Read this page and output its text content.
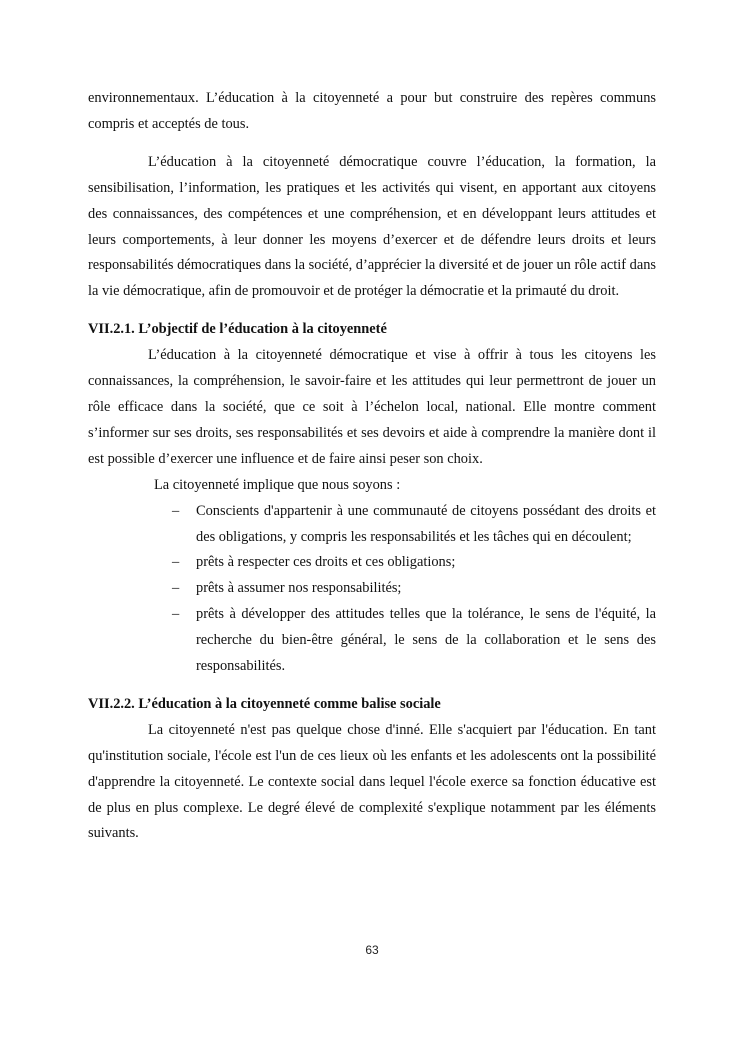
environnementaux. L’éducation à la citoyenneté a pour but construire des repères communs compris et acceptés de tous.

L’éducation à la citoyenneté démocratique couvre l’éducation, la formation, la sensibilisation, l’information, les pratiques et les activités qui visent, en apportant aux citoyens des connaissances, des compétences et une compréhension, et en développant leurs attitudes et leurs comportements, à leur donner les moyens d’exercer et de défendre leurs droits et leurs responsabilités démocratiques dans la société, d’apprécier la diversité et de jouer un rôle actif dans la vie démocratique, afin de promouvoir et de protéger la démocratie et la primauté du droit.

VII.2.1. L’objectif de l’éducation à la citoyenneté

L’éducation à la citoyenneté démocratique et vise à offrir à tous les citoyens les connaissances, la compréhension, le savoir-faire et les attitudes qui leur permettront de jouer un rôle efficace dans la société, que ce soit à l’échelon local, national. Elle montre comment s’informer sur ses droits, ses responsabilités et ses devoirs et aide à comprendre la manière dont il est possible d’exercer une influence et de faire ainsi peser son choix.

La citoyenneté implique que nous soyons :

– Conscients d'appartenir à une communauté de citoyens possédant des droits et des obligations, y compris les responsabilités et les tâches qui en découlent;
– prêts à respecter ces droits et ces obligations;
– prêts à assumer nos responsabilités;
– prêts à développer des attitudes telles que la tolérance, le sens de l'équité, la recherche du bien-être général, le sens de la collaboration et le sens des responsabilités.
VII.2.2. L’éducation à la citoyenneté comme balise sociale

La citoyenneté n'est pas quelque chose d'inné. Elle s'acquiert par l'éducation. En tant qu'institution sociale, l'école est l'un de ces lieux où les enfants et les adolescents ont la possibilité d'apprendre la citoyenneté. Le contexte social dans lequel l'école exerce sa fonction éducative est de plus en plus complexe. Le degré élevé de complexité s'explique notamment par les éléments suivants.

63
